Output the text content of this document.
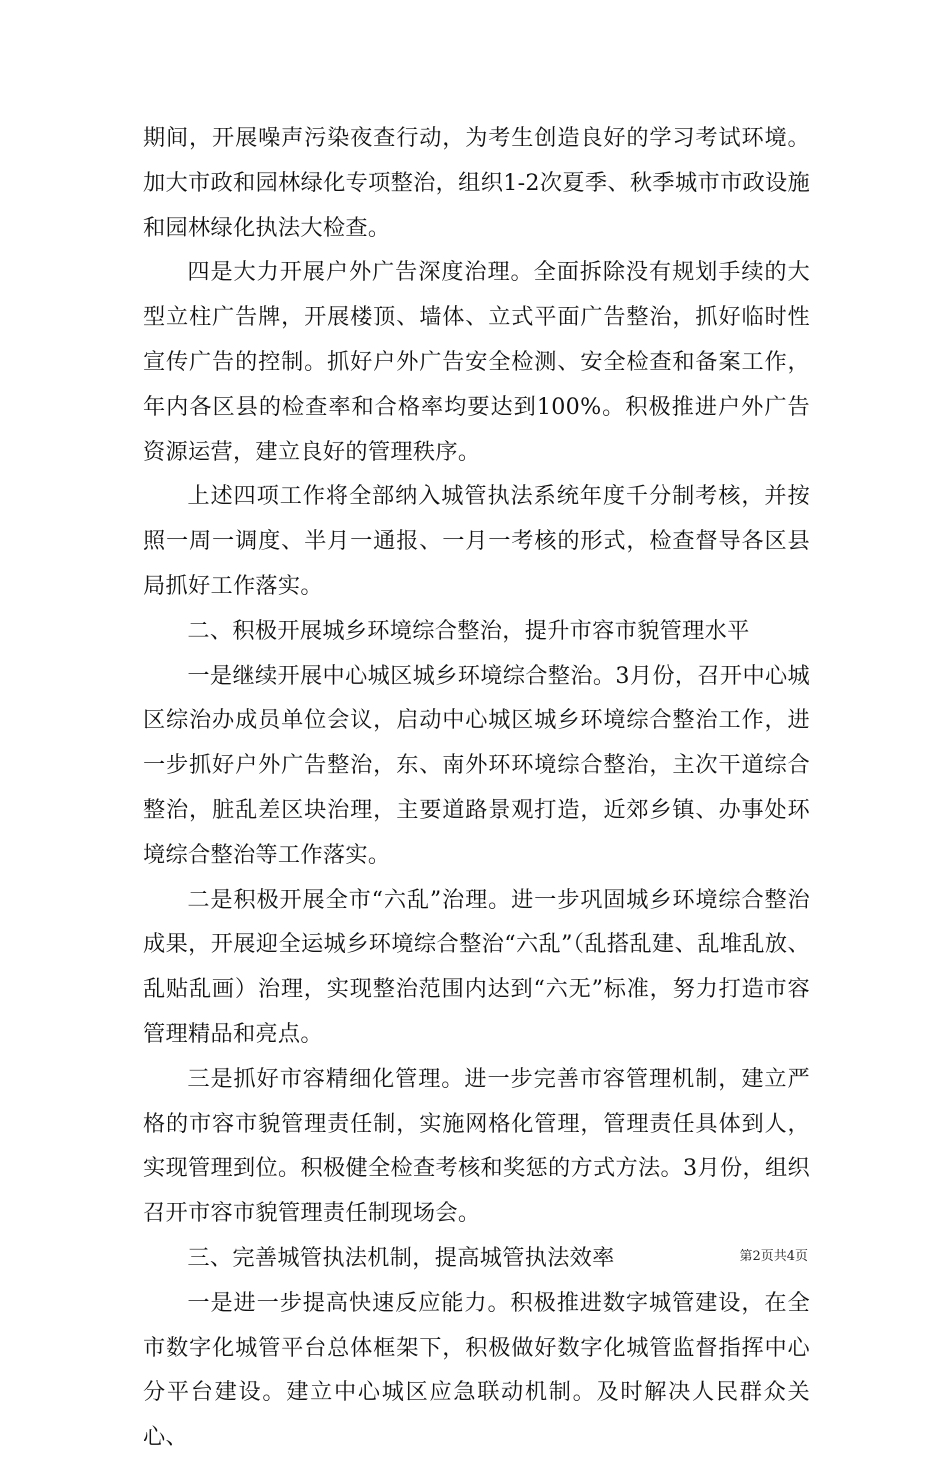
期间，开展噪声污染夜查行动，为考生创造良好的学习考试环境。加大市政和园林绿化专项整治，组织1-2次夏季、秋季城市市政设施和园林绿化执法大检查。

四是大力开展户外广告深度治理。全面拆除没有规划手续的大型立柱广告牌，开展楼顶、墙体、立式平面广告整治，抓好临时性宣传广告的控制。抓好户外广告安全检测、安全检查和备案工作，年内各区县的检查率和合格率均要达到100%。积极推进户外广告资源运营，建立良好的管理秩序。

上述四项工作将全部纳入城管执法系统年度千分制考核，并按照一周一调度、半月一通报、一月一考核的形式，检查督导各区县局抓好工作落实。

二、积极开展城乡环境综合整治，提升市容市貌管理水平

一是继续开展中心城区城乡环境综合整治。3月份，召开中心城区综治办成员单位会议，启动中心城区城乡环境综合整治工作，进一步抓好户外广告整治，东、南外环环境综合整治，主次干道综合整治，脏乱差区块治理，主要道路景观打造，近郊乡镇、办事处环境综合整治等工作落实。

二是积极开展全市“六乱”治理。进一步巩固城乡环境综合整治成果，开展迎全运城乡环境综合整治“六乱”（乱搭乱建、乱堆乱放、乱贴乱画）治理，实现整治范围内达到“六无”标准，努力打造市容管理精品和亮点。

三是抓好市容精细化管理。进一步完善市容管理机制，建立严格的市容市貌管理责任制，实施网格化管理，管理责任具体到人，实现管理到位。积极健全检查考核和奖惩的方式方法。3月份，组织召开市容市貌管理责任制现场会。

三、完善城管执法机制，提高城管执法效率

一是进一步提高快速反应能力。积极推进数字城管建设，在全市数字化城管平台总体框架下，积极做好数字化城管监督指挥中心分平台建设。建立中心城区应急联动机制。及时解决人民群众关心、

第2页共4页
